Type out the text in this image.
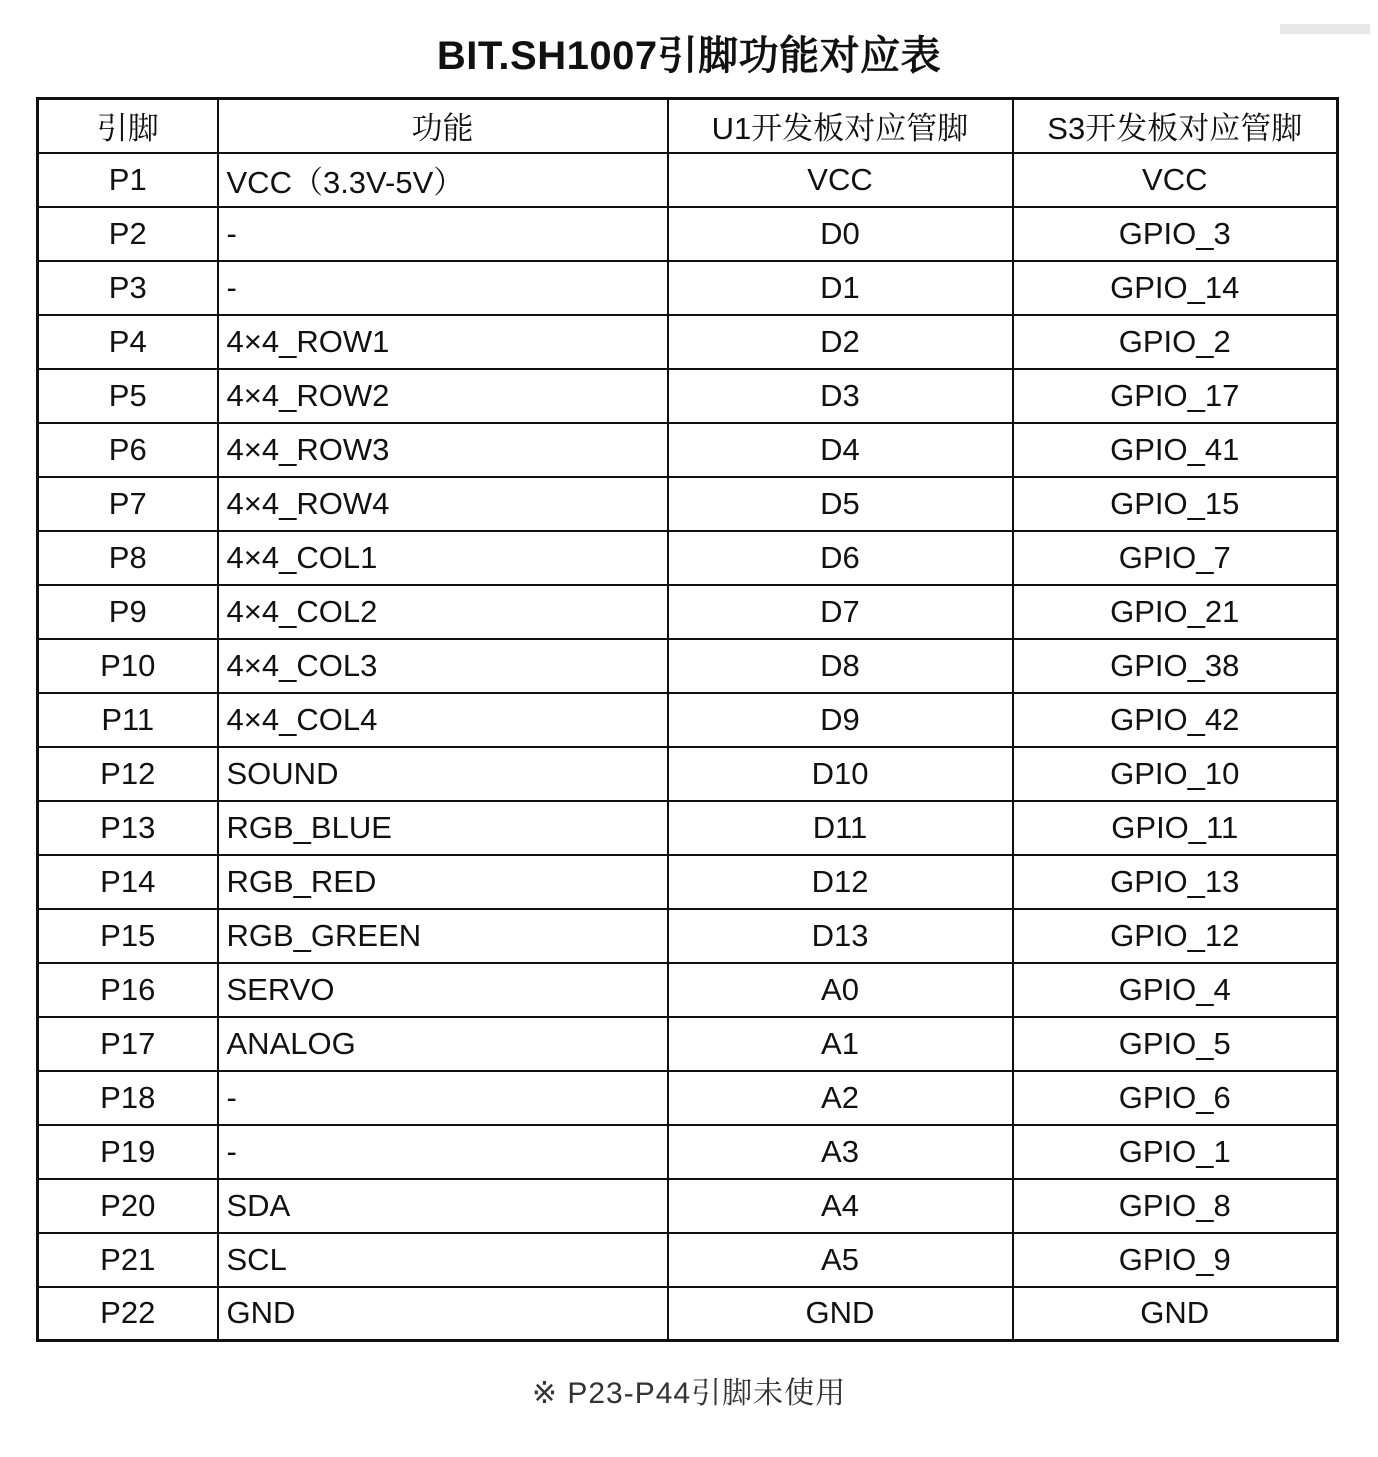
BIT.SH1007引脚功能对应表
引脚	功能	U1开发板对应管脚	S3开发板对应管脚
P1	VCC（3.3V-5V）	VCC	VCC
P2	-	D0	GPIO_3
P3	-	D1	GPIO_14
P4	4×4_ROW1	D2	GPIO_2
P5	4×4_ROW2	D3	GPIO_17
P6	4×4_ROW3	D4	GPIO_41
P7	4×4_ROW4	D5	GPIO_15
P8	4×4_COL1	D6	GPIO_7
P9	4×4_COL2	D7	GPIO_21
P10	4×4_COL3	D8	GPIO_38
P11	4×4_COL4	D9	GPIO_42
P12	SOUND	D10	GPIO_10
P13	RGB_BLUE	D11	GPIO_11
P14	RGB_RED	D12	GPIO_13
P15	RGB_GREEN	D13	GPIO_12
P16	SERVO	A0	GPIO_4
P17	ANALOG	A1	GPIO_5
P18	-	A2	GPIO_6
P19	-	A3	GPIO_1
P20	SDA	A4	GPIO_8
P21	SCL	A5	GPIO_9
P22	GND	GND	GND
※ P23-P44引脚未使用
